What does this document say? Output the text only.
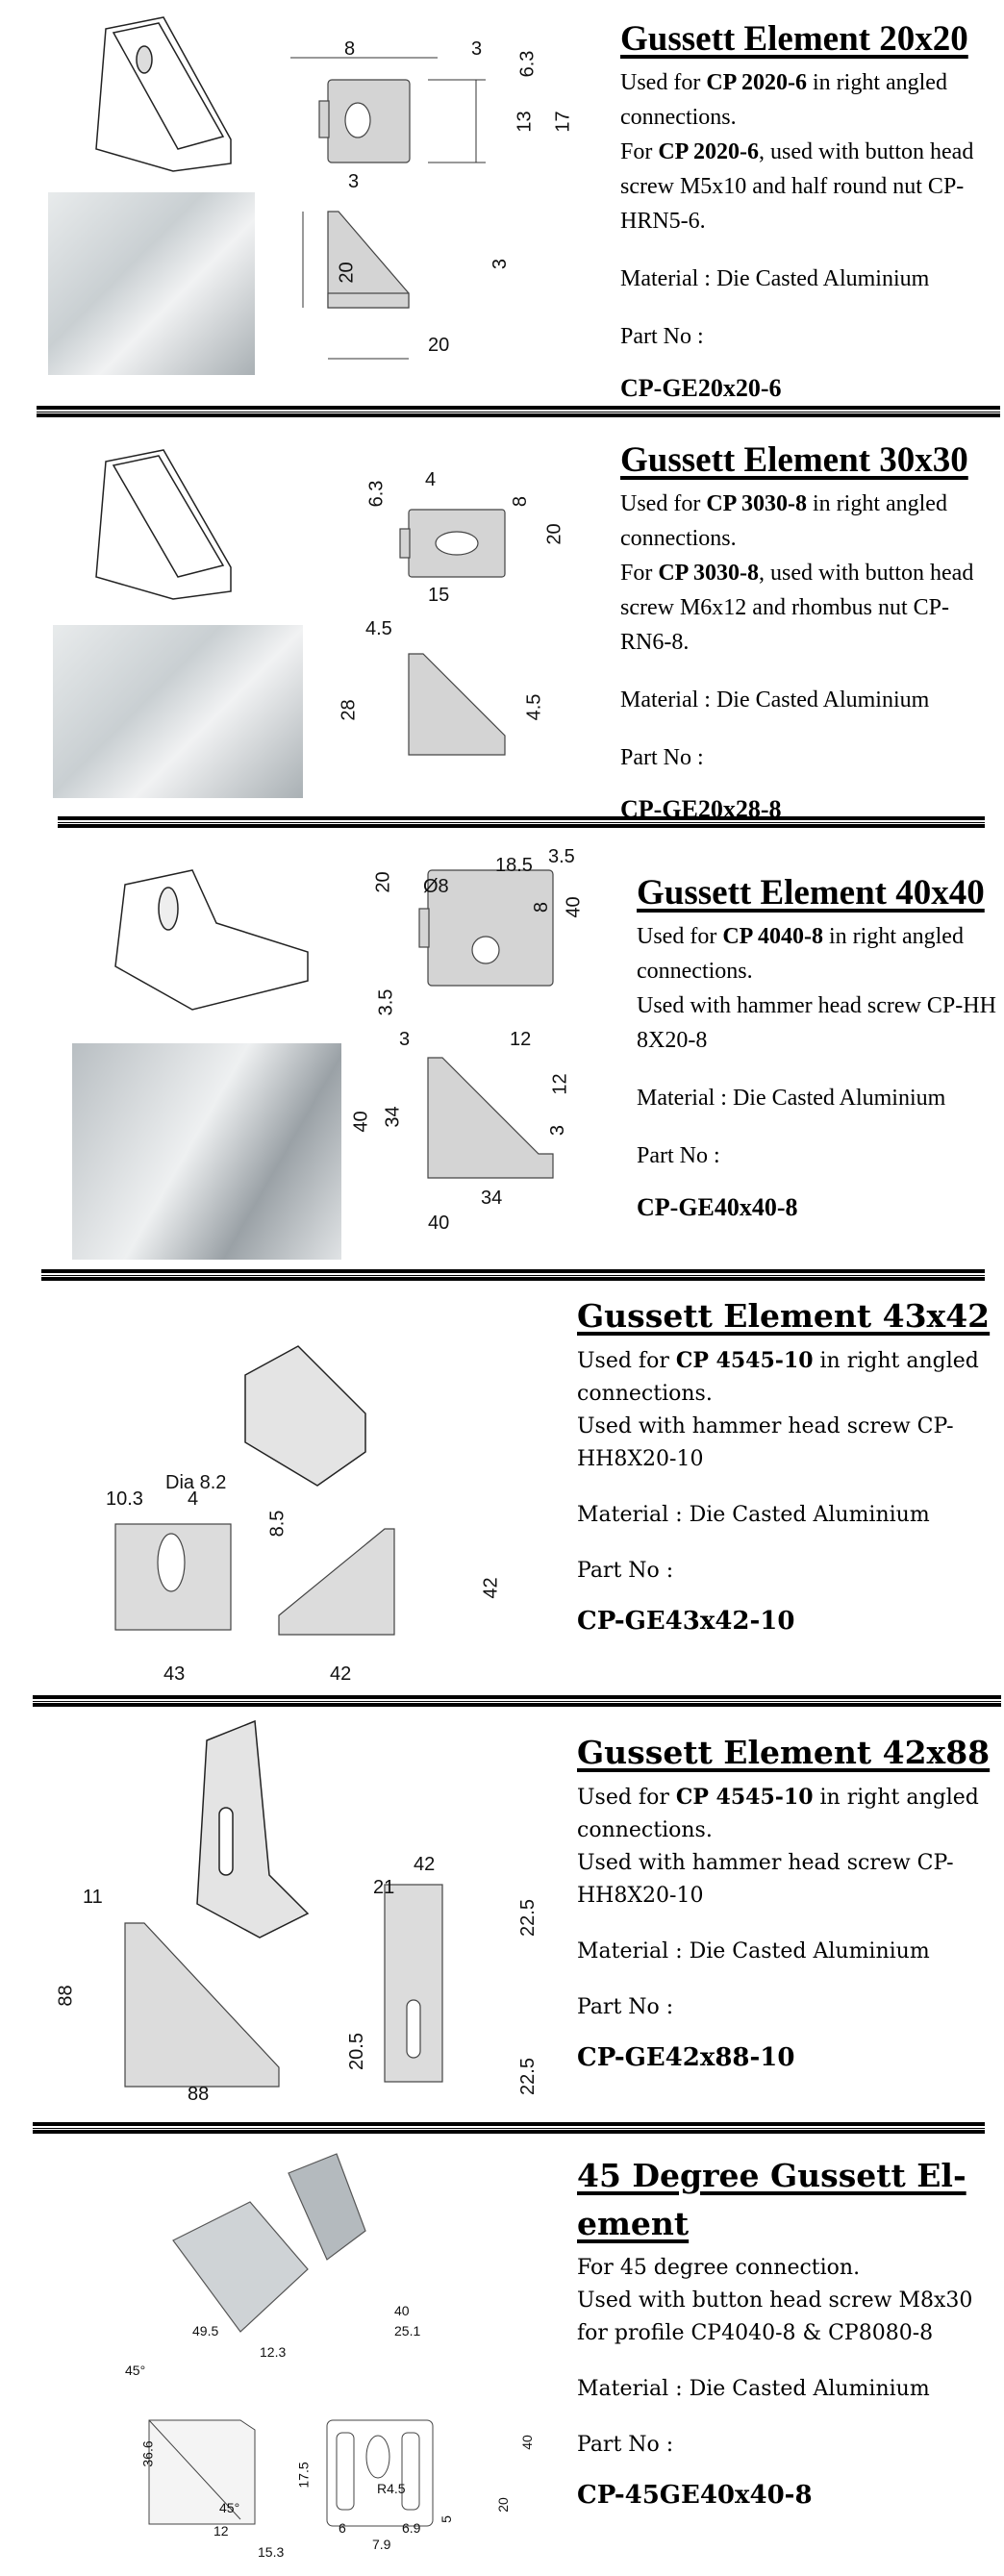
Gussett Element 20x20

Used for CP 2020-6 in right angled connections.

For CP 2020-6, used with button head screw M5x10 and half round nut CP-HRN5-6.

Material : Die Casted Aluminium

Part No :

CP-GE20x20-6

8	3
6.3
13 17
3
20	3
20
Gussett Element 30x30

Used for CP 3030-8 in right angled connections.

For CP 3030-8, used with button head screw M6x12 and rhombus nut CP-RN6-8.

Material : Die Casted Aluminium

Part No :

CP-GE20x28-8

6.3
4
8
20
15
4.5
28	4.5
Gussett Element 40x40

Used for CP 4040-8 in right angled connections.

Used with hammer head screw CP-HH 8X20-8

Material : Die Casted Aluminium

Part No :

CP-GE40x40-8

Ø8
18.5 3.5
20
8 40
3.5
3	12
40 34
12
3
34
40
Gussett Element 43x42

Used for CP 4545-10 in right angled connections.

Used with hammer head screw CP-HH8X20-10

Material : Die Casted Aluminium

Part No :

CP-GE43x42-10

Dia 8.2
10.3 4
8.5
42
43	42
Gussett Element 42x88

Used for CP 4545-10 in right angled connections.

Used with hammer head screw CP-HH8X20-10

Material : Die Casted Aluminium

Part No :

CP-GE42x88-10

11
88
88
42
21
22.5
20.5
22.5
45 Degree Gussett El-ement

For 45 degree connection.

Used with button head screw M8x30 for profile CP4040-8 & CP8080-8

Material : Die Casted Aluminium

Part No :

CP-45GE40x40-8

49.5
12.3
45°
36.6
17.5
45°
12
15.3
40
25.1
40
R4.5
20
5
6
7.9
6.9
